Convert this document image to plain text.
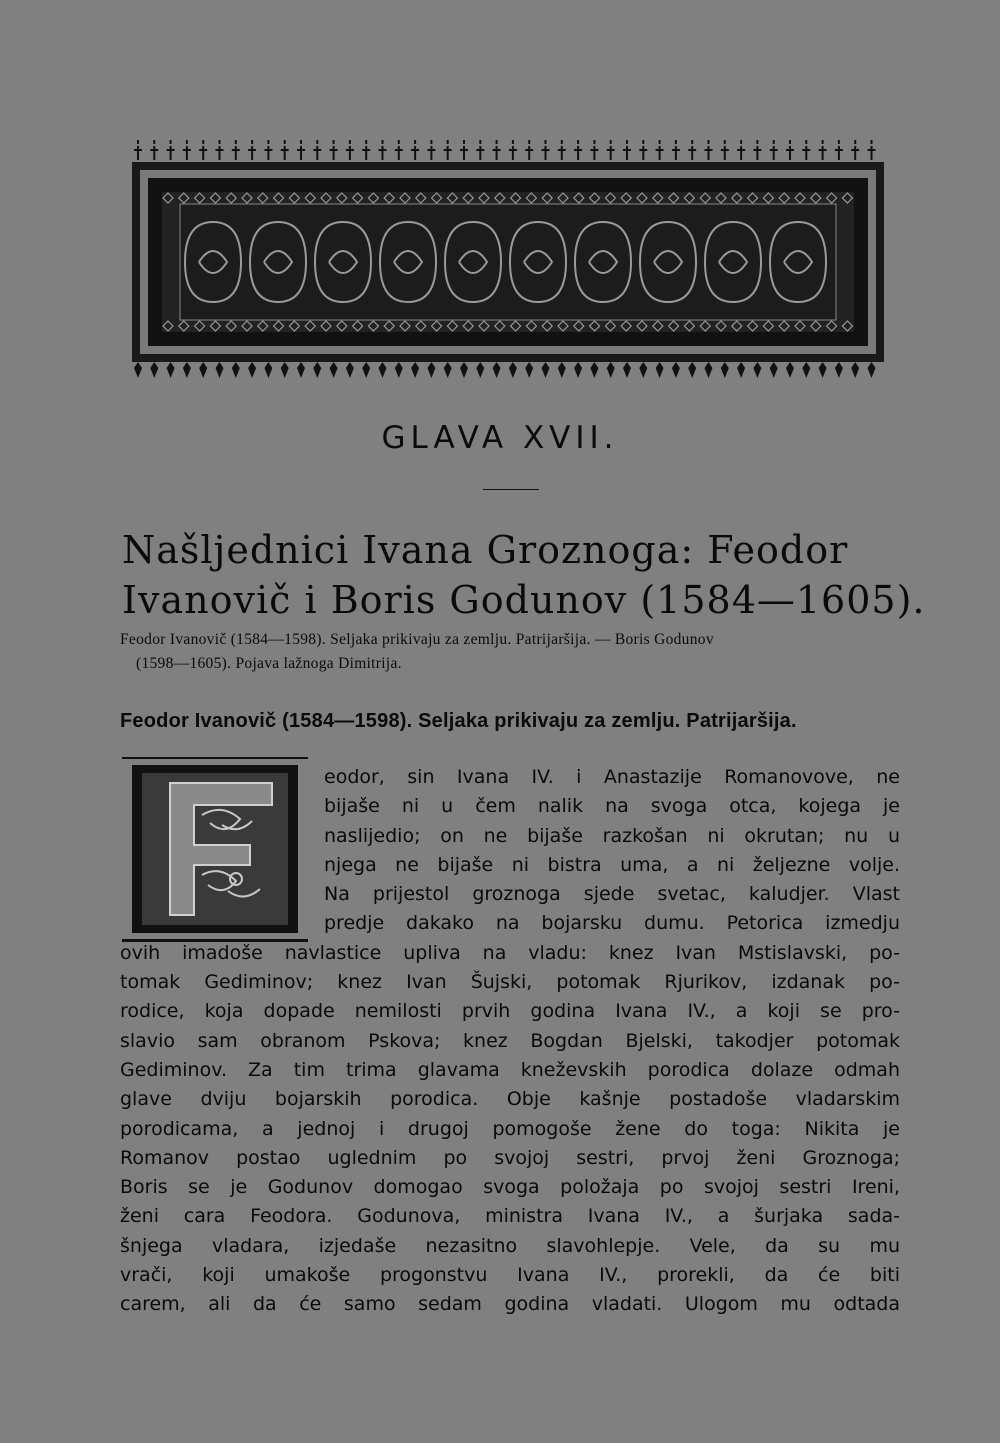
GLAVA XVII.
Našljednici Ivana Groznoga: Feodor
Ivanovič i Boris Godunov (1584—1605).

Feodor Ivanovič (1584—1598). Seljaka prikivaju za zemlju. Patrijaršija. — Boris Godunov

(1598—1605). Pojava lažnoga Dimitrija.

Feodor Ivanovič (1584—1598). Seljaka prikivaju za zemlju. Patrijaršija.

eodor, sin Ivana IV. i Anastazije Romanovove, ne

bijaše ni u čem nalik na svoga otca, kojega je

naslijedio; on ne bijaše razkošan ni okrutan; nu u

njega ne bijaše ni bistra uma, a ni željezne volje.

Na prijestol groznoga sjede svetac, kaludjer. Vlast

predje dakako na bojarsku dumu. Petorica izmedju

ovih imadoše navlastice upliva na vladu: knez Ivan Mstislavski, po-

tomak Gediminov; knez Ivan Šujski, potomak Rjurikov, izdanak po-

rodice, koja dopade nemilosti prvih godina Ivana IV., a koji se pro-

slavio sam obranom Pskova; knez Bogdan Bjelski, takodjer potomak

Gediminov. Za tim trima glavama kneževskih porodica dolaze odmah

glave dviju bojarskih porodica. Obje kašnje postadoše vladarskim

porodicama, a jednoj i drugoj pomogoše žene do toga: Nikita je

Romanov postao uglednim po svojoj sestri, prvoj ženi Groznoga;

Boris se je Godunov domogao svoga položaja po svojoj sestri Ireni,

ženi cara Feodora. Godunova, ministra Ivana IV., a šurjaka sada-

šnjega vladara, izjedaše nezasitno slavohlepje. Vele, da su mu

vrači, koji umakoše progonstvu Ivana IV., prorekli, da će biti

carem, ali da će samo sedam godina vladati. Ulogom mu odtada
